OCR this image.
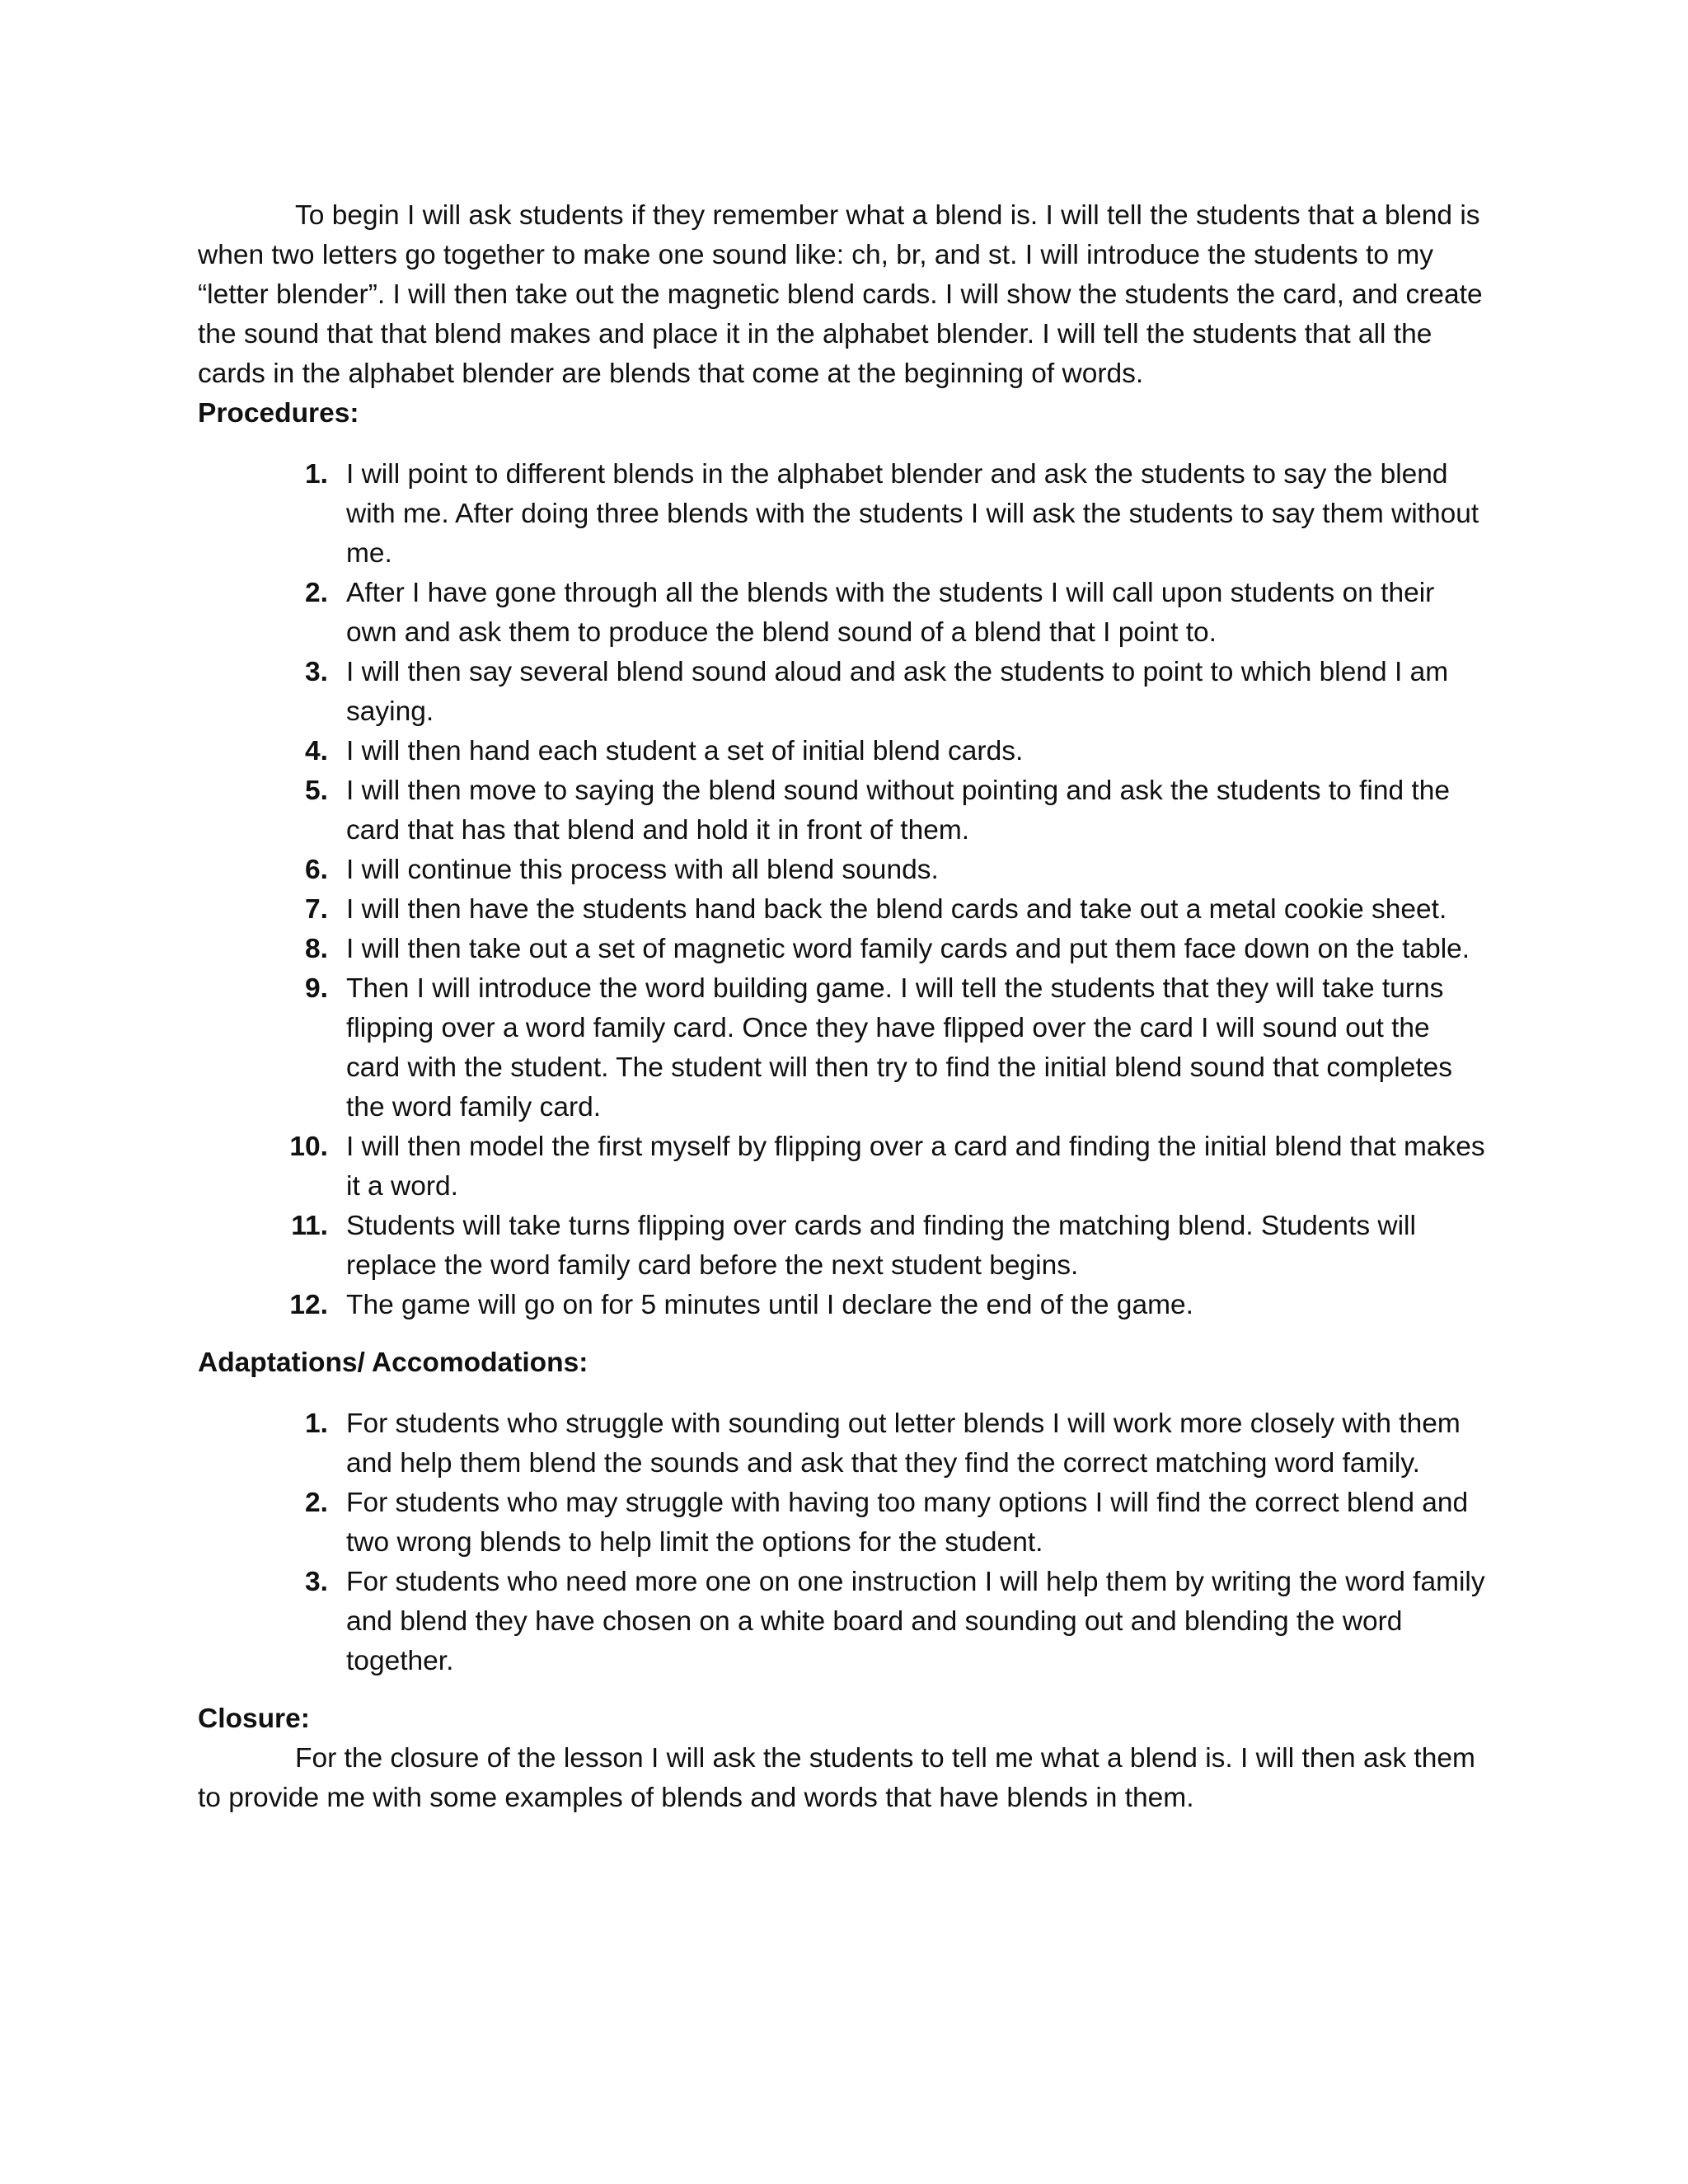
To begin I will ask students if they remember what a blend is. I will tell the students that a blend is when two letters go together to make one sound like: ch, br, and st. I will introduce the students to my “letter blender”. I will then take out the magnetic blend cards. I will show the students the card, and create the sound that that blend makes and place it in the alphabet blender. I will tell the students that all the cards in the alphabet blender are blends that come at the beginning of words.

Procedures:
1. I will point to different blends in the alphabet blender and ask the students to say the blend with me. After doing three blends with the students I will ask the students to say them without me.
2. After I have gone through all the blends with the students I will call upon students on their own and ask them to produce the blend sound of a blend that I point to.
3. I will then say several blend sound aloud and ask the students to point to which blend I am saying.
4. I will then hand each student a set of initial blend cards.
5. I will then move to saying the blend sound without pointing and ask the students to find the card that has that blend and hold it in front of them.
6. I will continue this process with all blend sounds.
7. I will then have the students hand back the blend cards and take out a metal cookie sheet.
8. I will then take out a set of magnetic word family cards and put them face down on the table.
9. Then I will introduce the word building game. I will tell the students that they will take turns flipping over a word family card. Once they have flipped over the card I will sound out the card with the student. The student will then try to find the initial blend sound that completes the word family card.
10. I will then model the first myself by flipping over a card and finding the initial blend that makes it a word.
11. Students will take turns flipping over cards and finding the matching blend. Students will replace the word family card before the next student begins.
12. The game will go on for 5 minutes until I declare the end of the game.
Adaptations/ Accomodations:
1. For students who struggle with sounding out letter blends I will work more closely with them and help them blend the sounds and ask that they find the correct matching word family.
2. For students who may struggle with having too many options I will find the correct blend and two wrong blends to help limit the options for the student.
3. For students who need more one on one instruction I will help them by writing the word family and blend they have chosen on a white board and sounding out and blending the word together.
Closure:

For the closure of the lesson I will ask the students to tell me what a blend is. I will then ask them to provide me with some examples of blends and words that have blends in them.
